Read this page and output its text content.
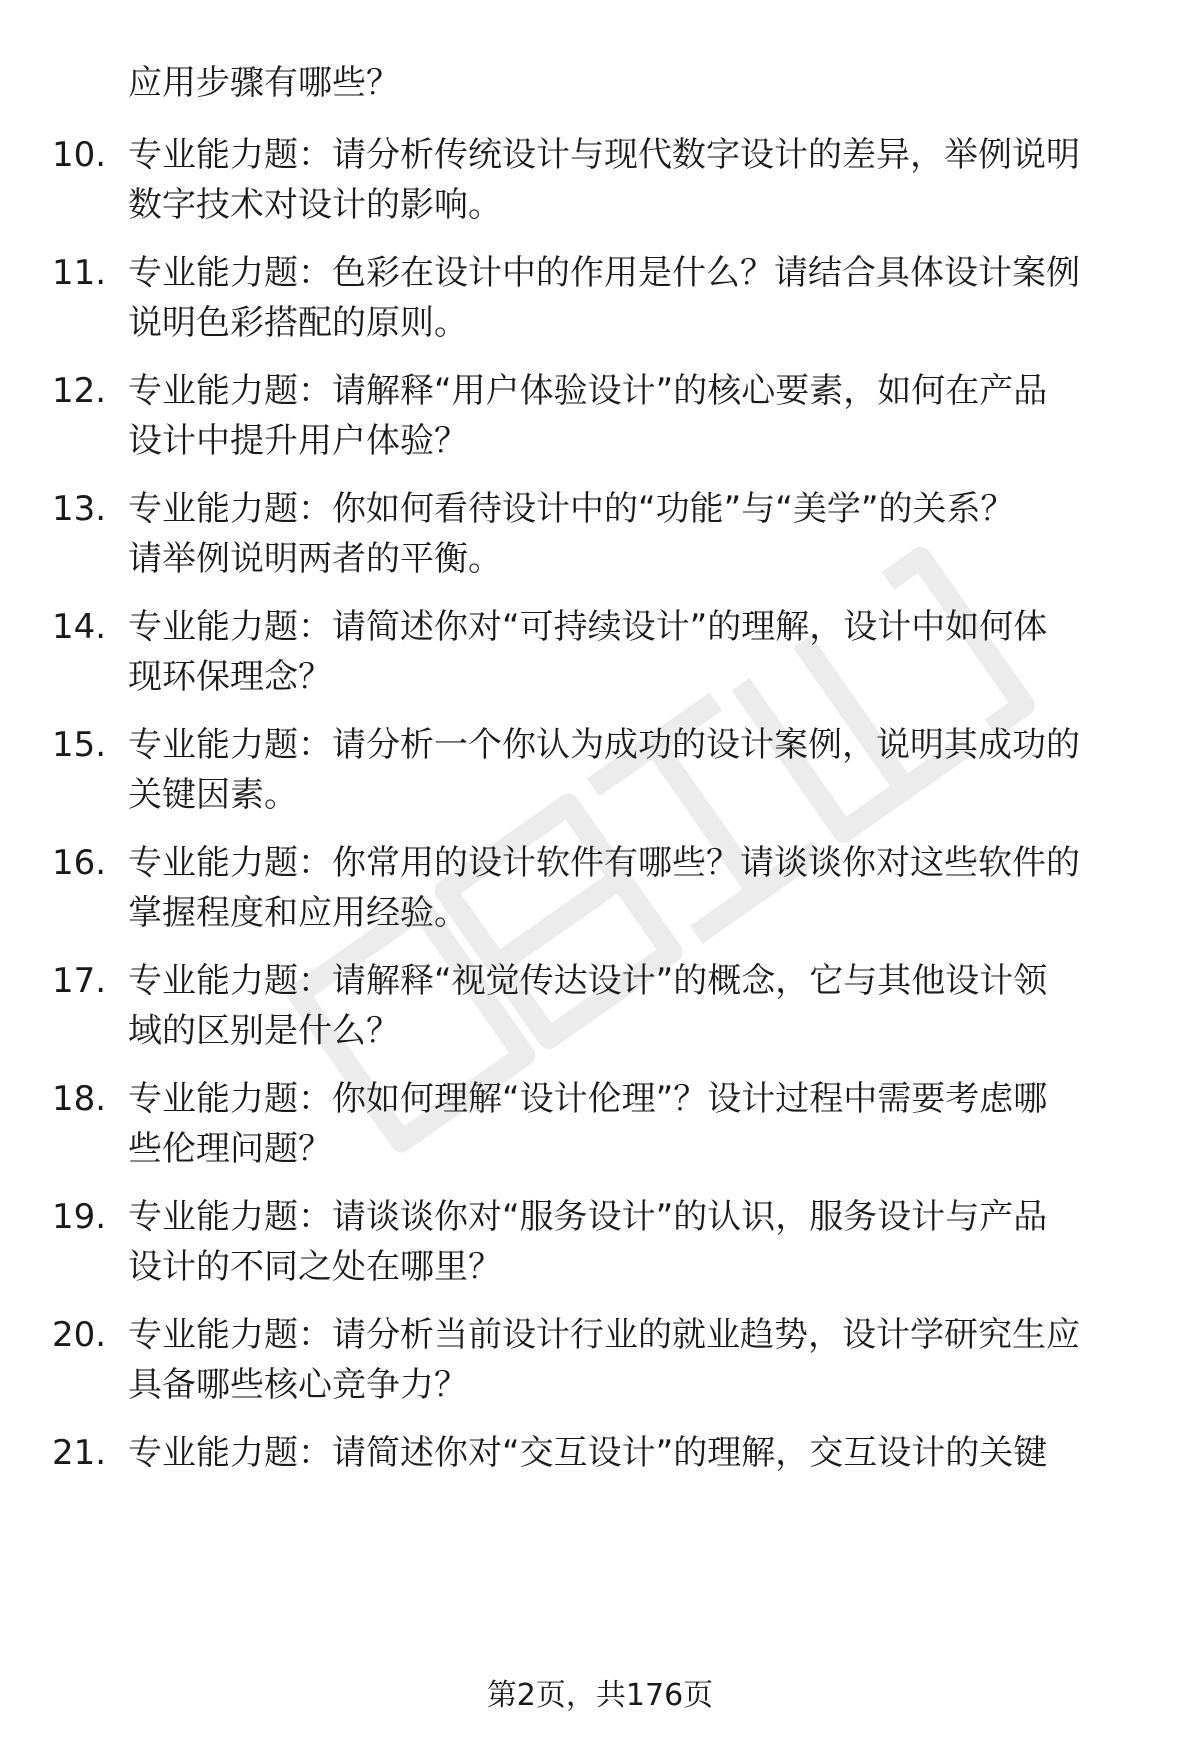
应用步骤有哪些？
10. 专业能力题：请分析传统设计与现代数字设计的差异，举例说明
数字技术对设计的影响。
11. 专业能力题：色彩在设计中的作用是什么？请结合具体设计案例
说明色彩搭配的原则。
12. 专业能力题：请解释“用户体验设计”的核心要素，如何在产品
设计中提升用户体验？
13. 专业能力题：你如何看待设计中的“功能”与“美学”的关系？
请举例说明两者的平衡。
14. 专业能力题：请简述你对“可持续设计”的理解，设计中如何体
现环保理念？
15. 专业能力题：请分析一个你认为成功的设计案例，说明其成功的
关键因素。
16. 专业能力题：你常用的设计软件有哪些？请谈谈你对这些软件的
掌握程度和应用经验。
17. 专业能力题：请解释“视觉传达设计”的概念，它与其他设计领
域的区别是什么？
18. 专业能力题：你如何理解“设计伦理”？设计过程中需要考虑哪
些伦理问题？
19. 专业能力题：请谈谈你对“服务设计”的认识，服务设计与产品
设计的不同之处在哪里？
20. 专业能力题：请分析当前设计行业的就业趋势，设计学研究生应
具备哪些核心竞争力？
21. 专业能力题：请简述你对“交互设计”的理解，交互设计的关键
第2页，共176页
